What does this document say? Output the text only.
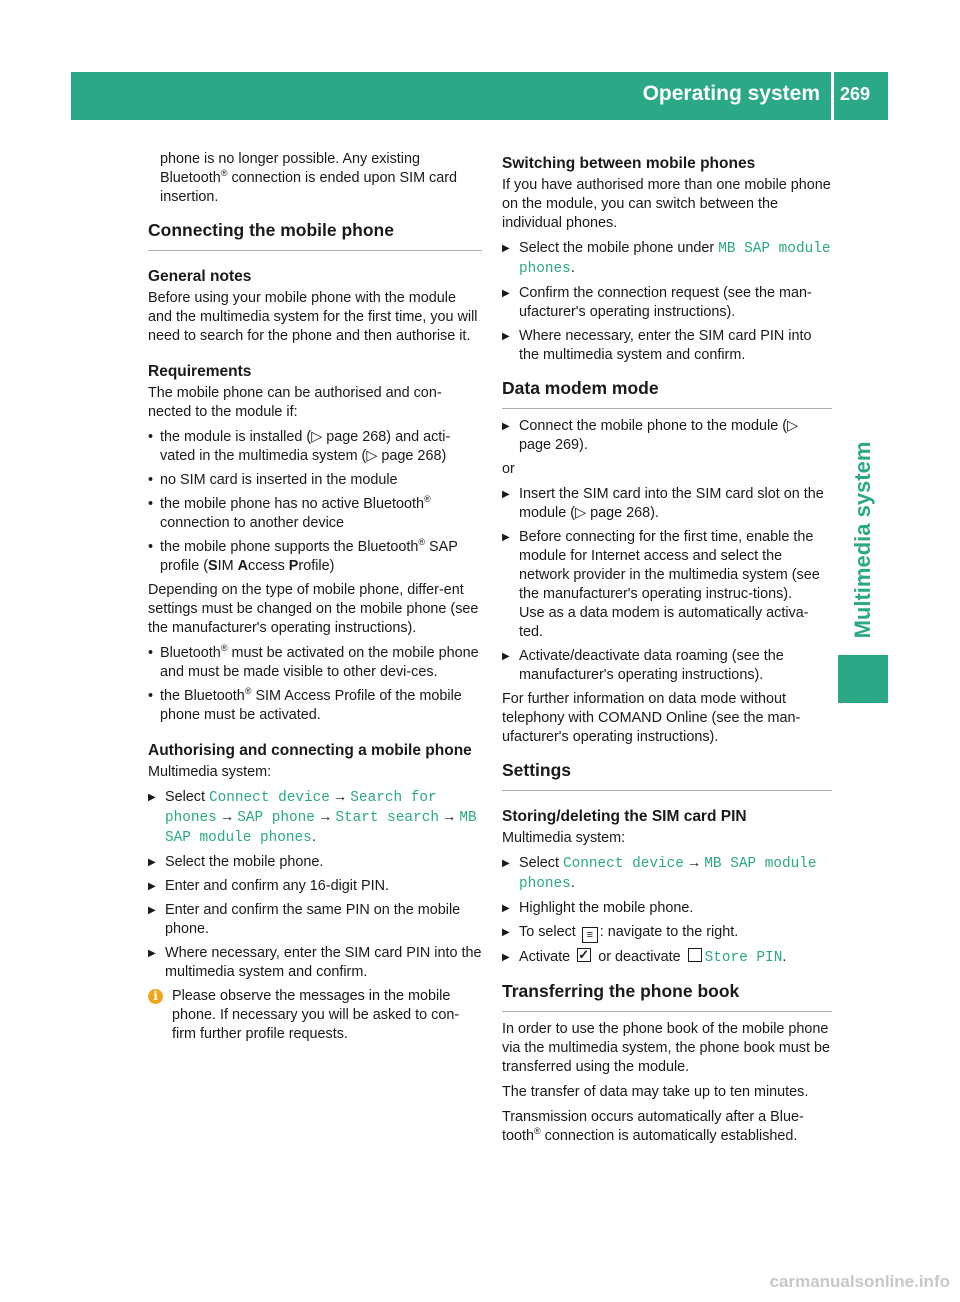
Operating system 269
Multimedia system

phone is no longer possible. Any existing Bluetooth® connection is ended upon SIM card insertion.

Connecting the mobile phone
General notes

Before using your mobile phone with the module and the multimedia system for the first time, you will need to search for the phone and then authorise it.

Requirements

The mobile phone can be authorised and con-nected to the module if:

• the module is installed (▷ page 268) and acti-vated in the multimedia system (▷ page 268)
• no SIM card is inserted in the module
• the mobile phone has no active Bluetooth® connection to another device
• the mobile phone supports the Bluetooth® SAP profile (SIM Access Profile)

Depending on the type of mobile phone, differ-ent settings must be changed on the mobile phone (see the manufacturer's operating instructions).

• Bluetooth® must be activated on the mobile phone and must be made visible to other devi-ces.
• the Bluetooth® SIM Access Profile of the mobile phone must be activated.
Authorising and connecting a mobile phone

Multimedia system:

▶ Select Connect device → Search for phones → SAP phone → Start search → MB SAP module phones.
▶ Select the mobile phone.
▶ Enter and confirm any 16-digit PIN.
▶ Enter and confirm the same PIN on the mobile phone.
▶ Where necessary, enter the SIM card PIN into the multimedia system and confirm.
i Please observe the messages in the mobile phone. If necessary you will be asked to con-firm further profile requests.
Switching between mobile phones

If you have authorised more than one mobile phone on the module, you can switch between the individual phones.

▶ Select the mobile phone under MB SAP module phones.
▶ Confirm the connection request (see the man-ufacturer's operating instructions).
▶ Where necessary, enter the SIM card PIN into the multimedia system and confirm.
Data modem mode
▶ Connect the mobile phone to the module (▷ page 269).

or

▶ Insert the SIM card into the SIM card slot on the module (▷ page 268).
▶ Before connecting for the first time, enable the module for Internet access and select the network provider in the multimedia system (see the manufacturer's operating instruc-tions).
Use as a data modem is automatically activa-ted.
▶ Activate/deactivate data roaming (see the manufacturer's operating instructions).

For further information on data mode without telephony with COMAND Online (see the man-ufacturer's operating instructions).

Settings
Storing/deleting the SIM card PIN

Multimedia system:

▶ Select Connect device → MB SAP module phones.
▶ Highlight the mobile phone.
▶ To select ≡ : navigate to the right.
▶ Activate ✓ or deactivate Store PIN.
Transferring the phone book

In order to use the phone book of the mobile phone via the multimedia system, the phone book must be transferred using the module.

The transfer of data may take up to ten minutes.

Transmission occurs automatically after a Blue-tooth® connection is automatically established.

carmanualsonline.info
